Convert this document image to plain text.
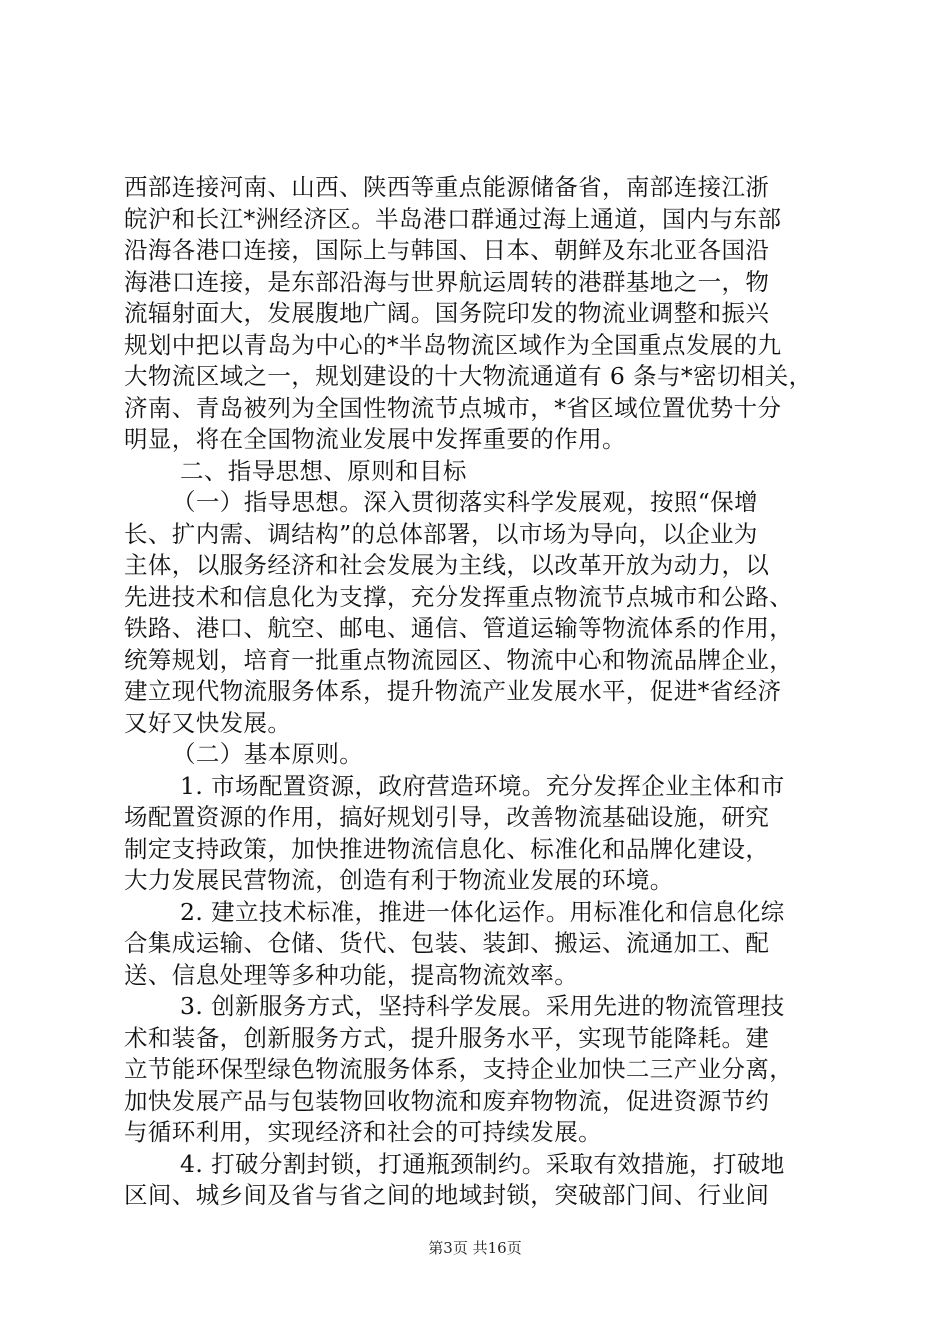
西部连接河南、山西、陕西等重点能源储备省，南部连接江浙
皖沪和长江*洲经济区。半岛港口群通过海上通道，国内与东部
沿海各港口连接，国际上与韩国、日本、朝鲜及东北亚各国沿
海港口连接，是东部沿海与世界航运周转的港群基地之一，物
流辐射面大，发展腹地广阔。国务院印发的物流业调整和振兴
规划中把以青岛为中心的*半岛物流区域作为全国重点发展的九
大物流区域之一，规划建设的十大物流通道有 6 条与*密切相关，
济南、青岛被列为全国性物流节点城市，*省区域位置优势十分
明显，将在全国物流业发展中发挥重要的作用。
二、指导思想、原则和目标
（一）指导思想。深入贯彻落实科学发展观，按照“保增
长、扩内需、调结构”的总体部署，以市场为导向，以企业为
主体，以服务经济和社会发展为主线，以改革开放为动力，以
先进技术和信息化为支撑，充分发挥重点物流节点城市和公路、
铁路、港口、航空、邮电、通信、管道运输等物流体系的作用，
统筹规划，培育一批重点物流园区、物流中心和物流品牌企业，
建立现代物流服务体系，提升物流产业发展水平，促进*省经济
又好又快发展。
（二）基本原则。
1. 市场配置资源，政府营造环境。充分发挥企业主体和市
场配置资源的作用，搞好规划引导，改善物流基础设施，研究
制定支持政策，加快推进物流信息化、标准化和品牌化建设，
大力发展民营物流，创造有利于物流业发展的环境。
2. 建立技术标准，推进一体化运作。用标准化和信息化综
合集成运输、仓储、货代、包装、装卸、搬运、流通加工、配
送、信息处理等多种功能，提高物流效率。
3. 创新服务方式，坚持科学发展。采用先进的物流管理技
术和装备，创新服务方式，提升服务水平，实现节能降耗。建
立节能环保型绿色物流服务体系，支持企业加快二三产业分离，
加快发展产品与包装物回收物流和废弃物物流，促进资源节约
与循环利用，实现经济和社会的可持续发展。
4. 打破分割封锁，打通瓶颈制约。采取有效措施，打破地
区间、城乡间及省与省之间的地域封锁，突破部门间、行业间
第3页 共16页
